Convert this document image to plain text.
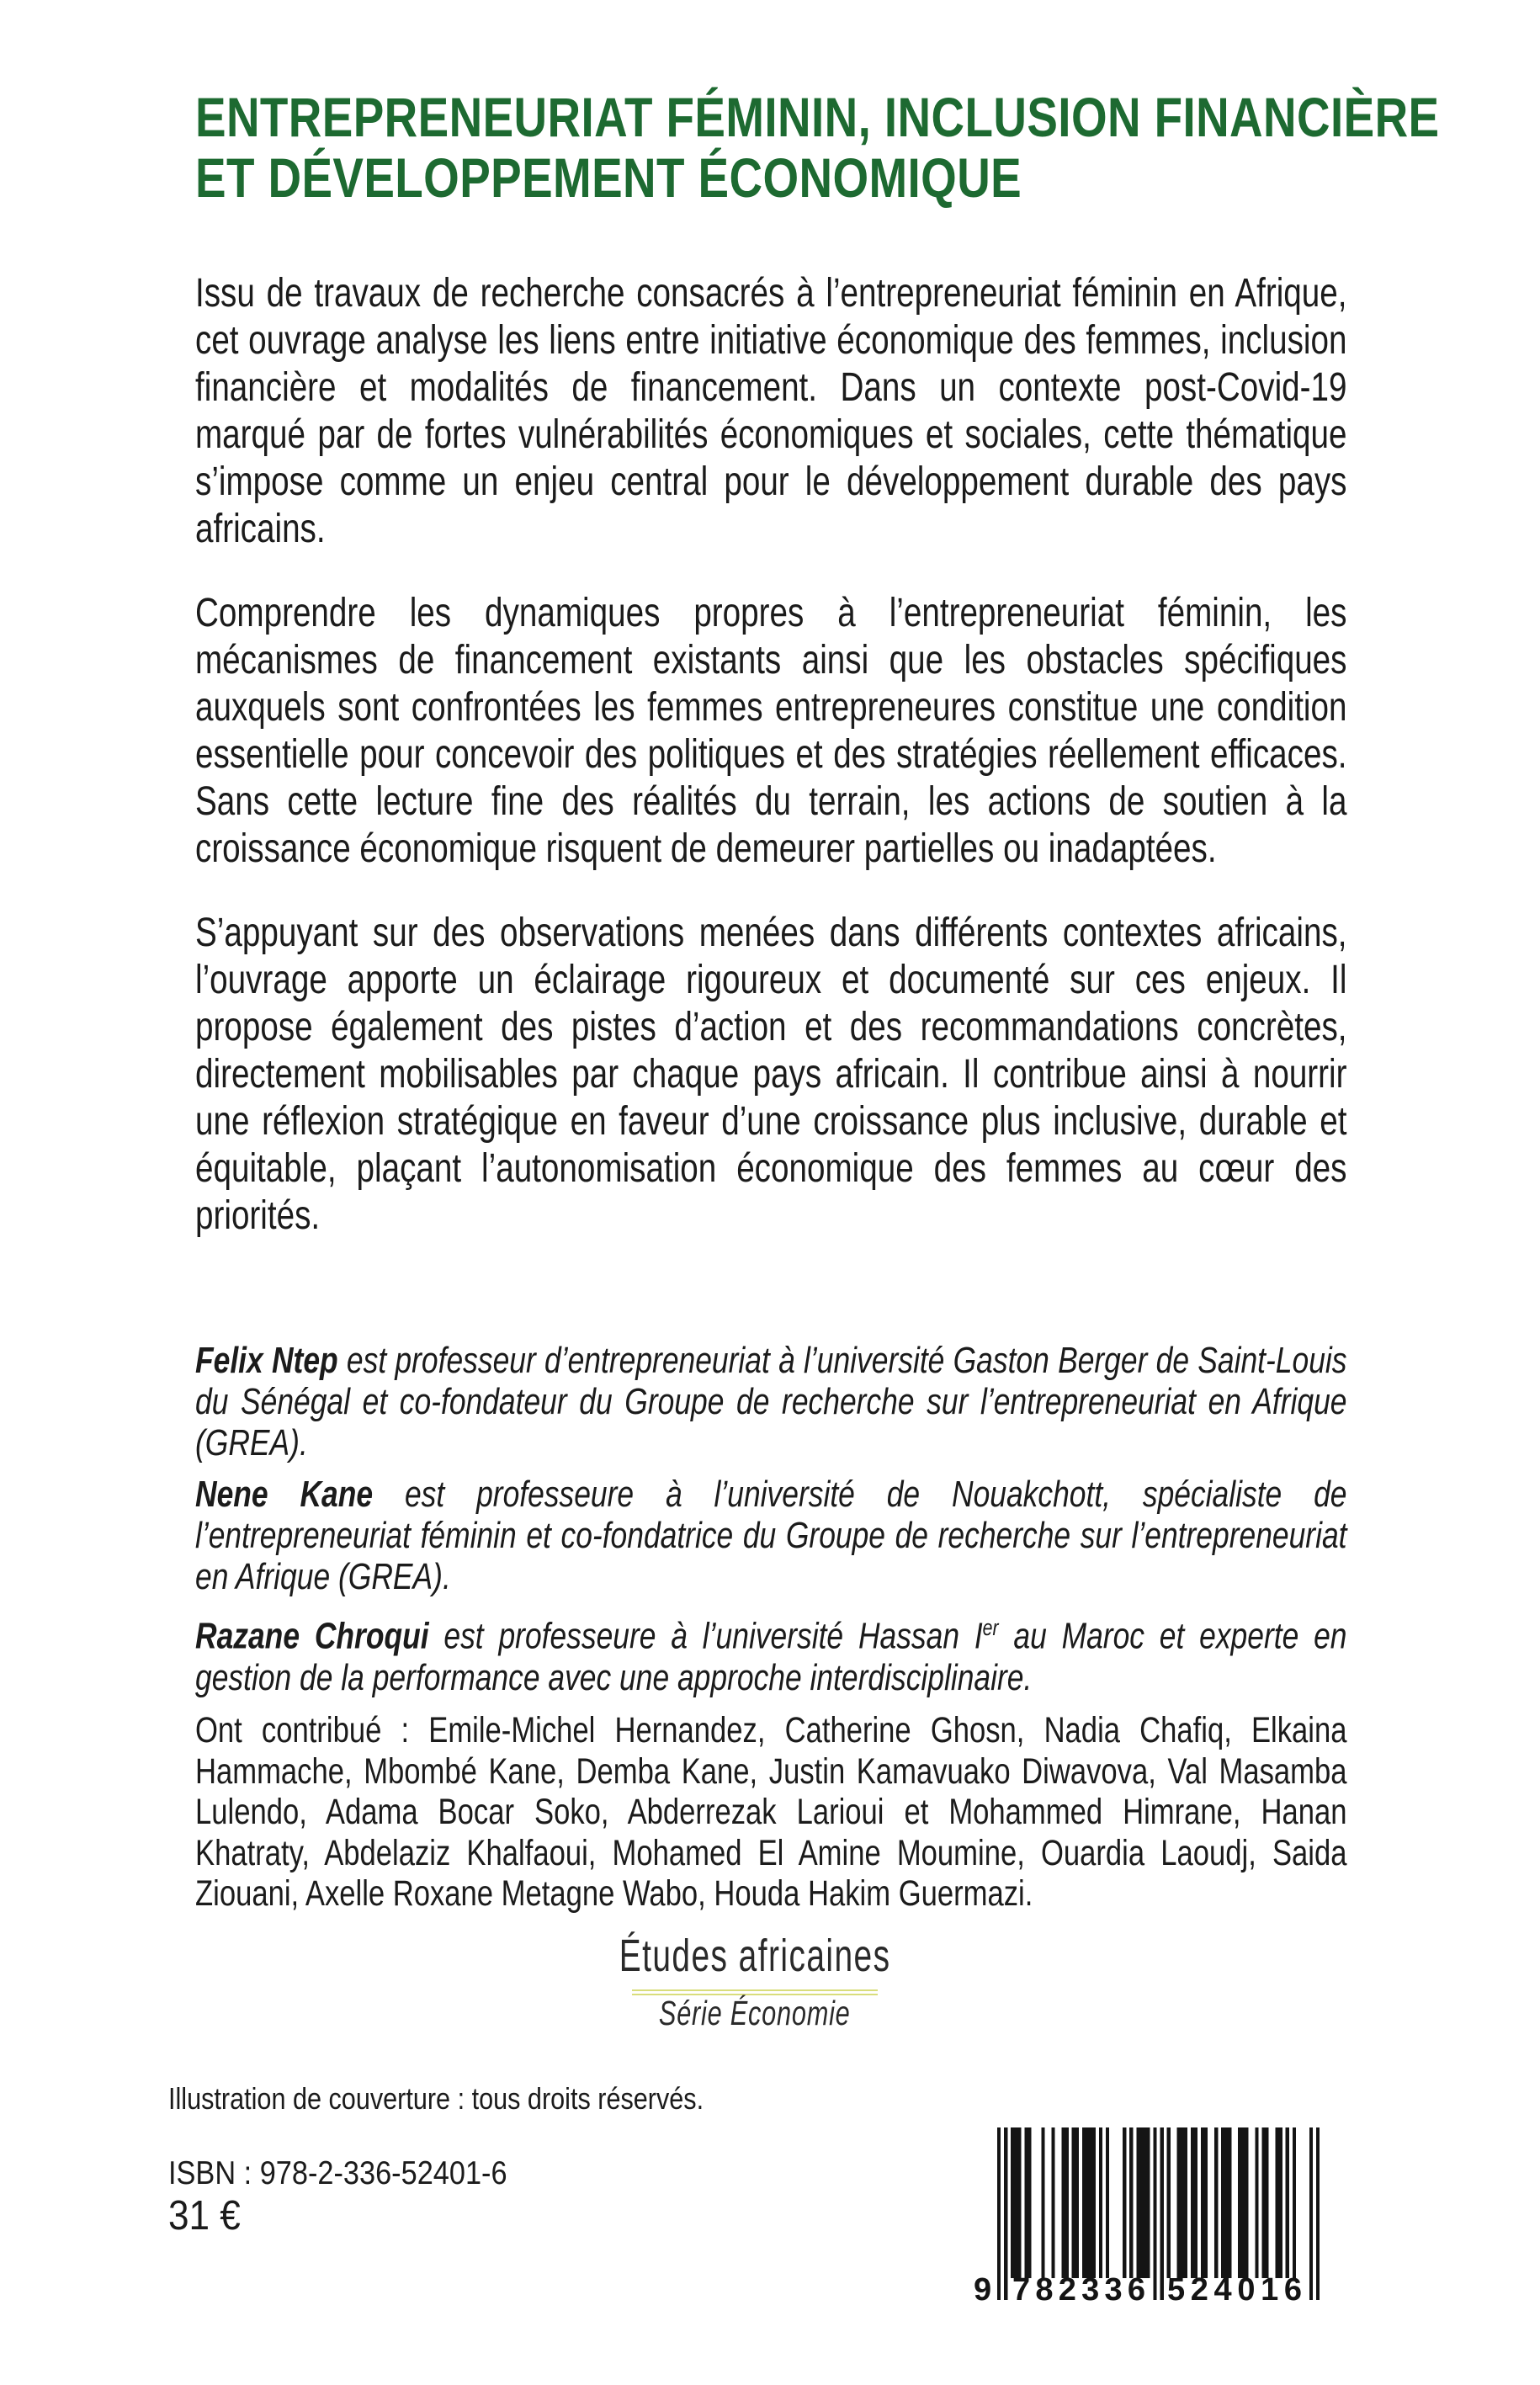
ENTREPRENEURIAT FÉMININ, INCLUSION FINANCIÈRE
ET DÉVELOPPEMENT ÉCONOMIQUE

Issu de travaux de recherche consacrés à l’entrepreneuriat féminin en Afrique, cet ouvrage analyse les liens entre initiative économique des femmes, inclusion financière et modalités de financement. Dans un contexte post-Covid-19 marqué par de fortes vulnérabilités économiques et sociales, cette thématique s’impose comme un enjeu central pour le développement durable des pays africains.

Comprendre les dynamiques propres à l’entrepreneuriat féminin, les mécanismes de financement existants ainsi que les obstacles spécifiques auxquels sont confrontées les femmes entrepreneures constitue une condition essentielle pour concevoir des politiques et des stratégies réellement efficaces. Sans cette lecture fine des réalités du terrain, les actions de soutien à la croissance économique risquent de demeurer partielles ou inadaptées.

S’appuyant sur des observations menées dans différents contextes africains, l’ouvrage apporte un éclairage rigoureux et documenté sur ces enjeux. Il propose également des pistes d’action et des recommandations concrètes, directement mobilisables par chaque pays africain. Il contribue ainsi à nourrir une réflexion stratégique en faveur d’une croissance plus inclusive, durable et équitable, plaçant l’autonomisation économique des femmes au cœur des priorités.

Felix Ntep est professeur d’entrepreneuriat à l’université Gaston Berger de Saint-Louis du Sénégal et co-fondateur du Groupe de recherche sur l’entrepreneuriat en Afrique (GREA).

Nene Kane est professeure à l’université de Nouakchott, spécialiste de l’entrepreneuriat féminin et co-fondatrice du Groupe de recherche sur l’entrepreneuriat en Afrique (GREA).

Razane Chroqui est professeure à l’université Hassan Ier au Maroc et experte en gestion de la performance avec une approche interdisciplinaire.

Ont contribué : Emile-Michel Hernandez, Catherine Ghosn, Nadia Chafiq, Elkaina Hammache, Mbombé Kane, Demba Kane, Justin Kamavuako Diwavova, Val Masamba Lulendo, Adama Bocar Soko, Abderrezak Larioui et Mohammed Himrane, Hanan Khatraty, Abdelaziz Khalfaoui, Mohamed El Amine Moumine, Ouardia Laoudj, Saida Ziouani, Axelle Roxane Metagne Wabo, Houda Hakim Guermazi.

Études africaines
Série Économie
Illustration de couverture : tous droits réservés.
ISBN : 978-2-336-52401-6
31 €
9 782336 524016
